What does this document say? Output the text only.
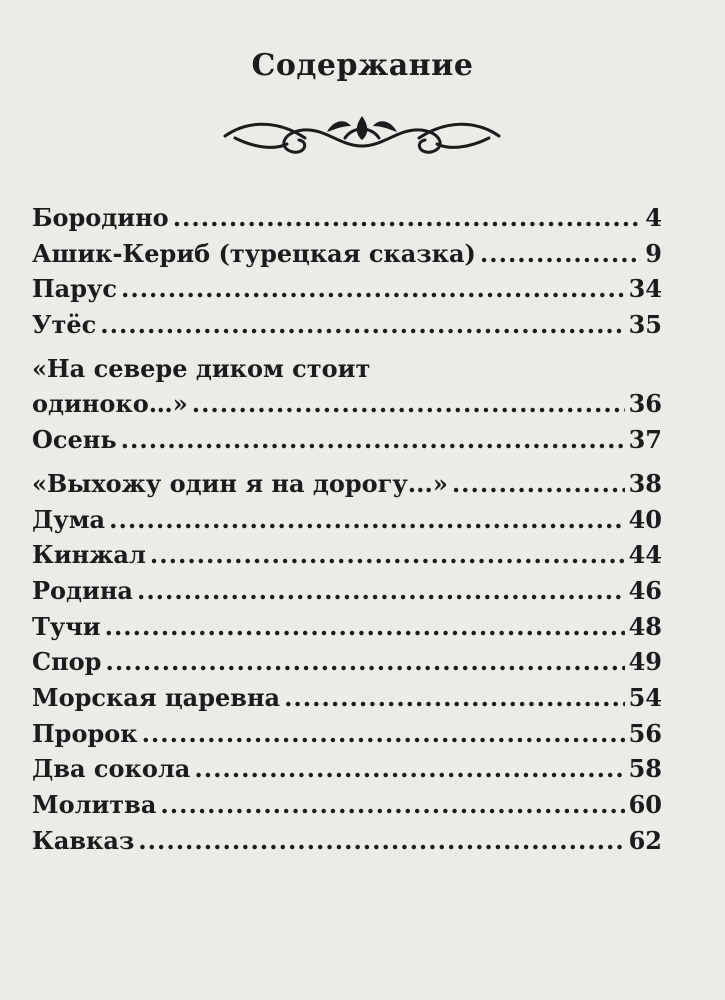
Содержание
Бородино .....	4
Ашик-Кериб (турецкая сказка) .....	9
Парус .....	34
Утёс .....	35
«На севере диком стоит
одиноко…» .....	36
Осень .....	37
«Выхожу один я на дорогу...» .....	38
Дума .....	40
Кинжал .....	44
Родина .....	46
Тучи .....	48
Спор .....	49
Морская царевна .....	54
Пророк .....	56
Два сокола .....	58
Молитва .....	60
Кавказ .....	62
